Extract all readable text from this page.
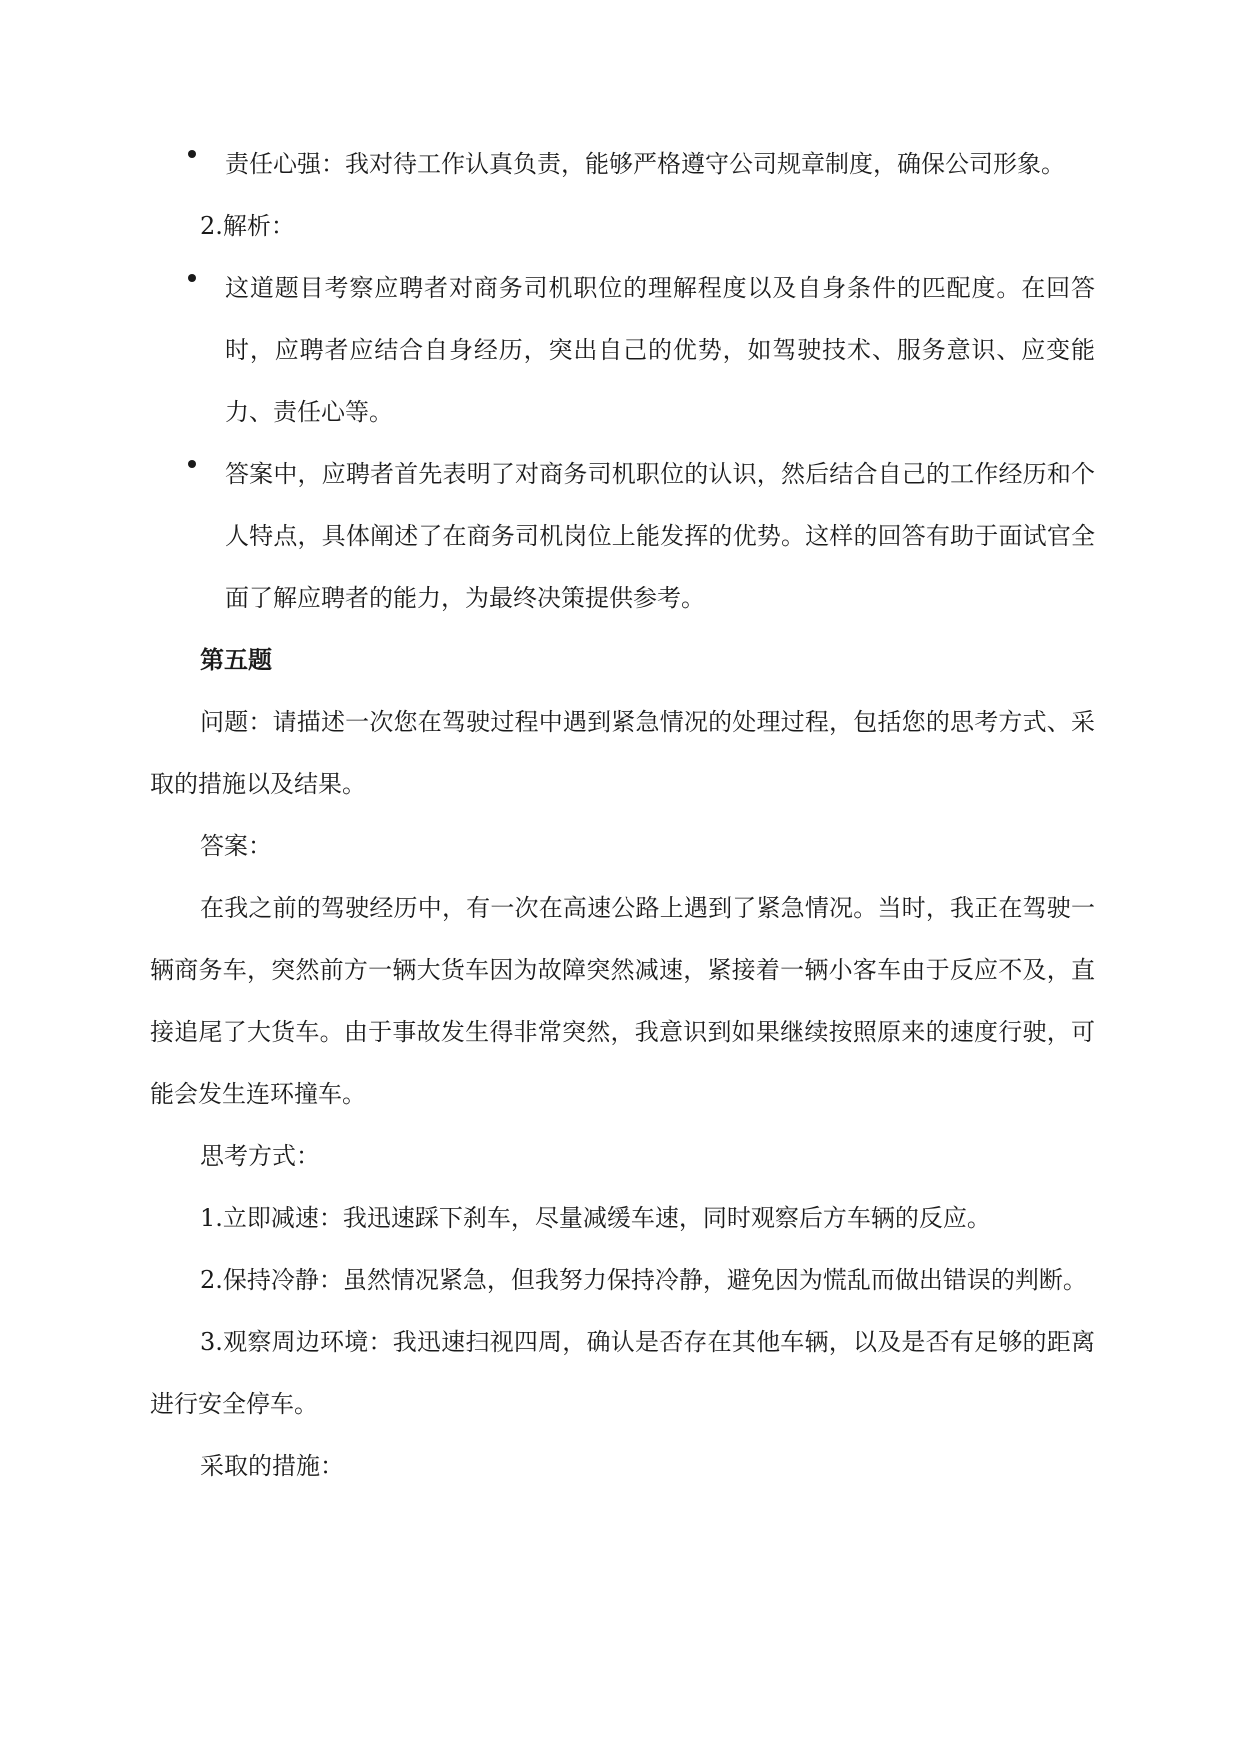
责任心强：我对待工作认真负责，能够严格遵守公司规章制度，确保公司形象。
2.解析：
这道题目考察应聘者对商务司机职位的理解程度以及自身条件的匹配度。在回答时，应聘者应结合自身经历，突出自己的优势，如驾驶技术、服务意识、应变能力、责任心等。
答案中，应聘者首先表明了对商务司机职位的认识，然后结合自己的工作经历和个人特点，具体阐述了在商务司机岗位上能发挥的优势。这样的回答有助于面试官全面了解应聘者的能力，为最终决策提供参考。
第五题
问题：请描述一次您在驾驶过程中遇到紧急情况的处理过程，包括您的思考方式、采取的措施以及结果。
答案：
在我之前的驾驶经历中，有一次在高速公路上遇到了紧急情况。当时，我正在驾驶一辆商务车，突然前方一辆大货车因为故障突然减速，紧接着一辆小客车由于反应不及，直接追尾了大货车。由于事故发生得非常突然，我意识到如果继续按照原来的速度行驶，可能会发生连环撞车。
思考方式：
1.立即减速：我迅速踩下刹车，尽量减缓车速，同时观察后方车辆的反应。
2.保持冷静：虽然情况紧急，但我努力保持冷静，避免因为慌乱而做出错误的判断。
3.观察周边环境：我迅速扫视四周，确认是否存在其他车辆，以及是否有足够的距离进行安全停车。
采取的措施：
